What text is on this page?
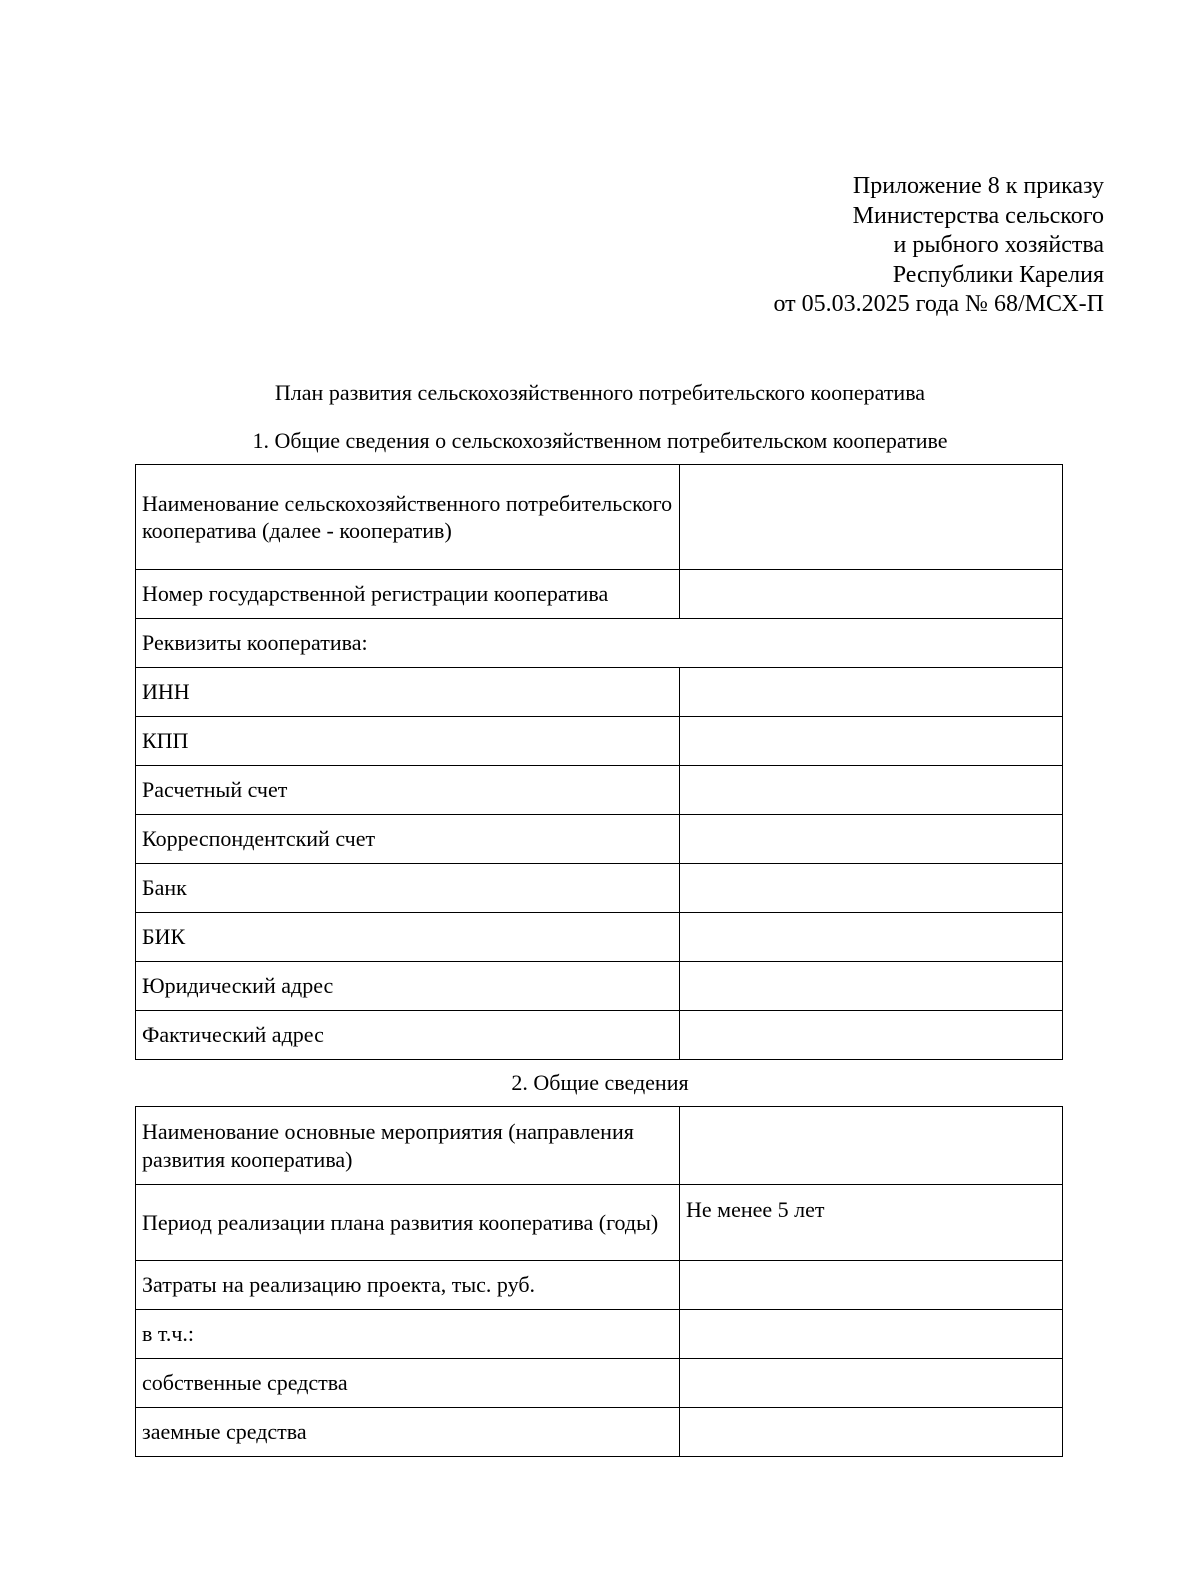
Приложение 8 к приказу
Министерства сельского
и рыбного хозяйства
Республики Карелия
от 05.03.2025 года № 68/МСХ-П
План развития сельскохозяйственного потребительского кооператива
1. Общие сведения о сельскохозяйственном потребительском кооперативе
Наименование сельскохозяйственного потребительского кооператива (далее - кооператив)	
Номер государственной регистрации кооператива	
Реквизиты кооператива:	
ИНН	
КПП	
Расчетный счет	
Корреспондентский счет	
Банк	
БИК	
Юридический адрес	
Фактический адрес	
2. Общие сведения
Наименование основные мероприятия (направления развития кооператива)	
Период реализации плана развития кооператива (годы)	Не менее 5 лет
Затраты на реализацию проекта, тыс. руб.	
в т.ч.:	
собственные средства	
заемные средства	
